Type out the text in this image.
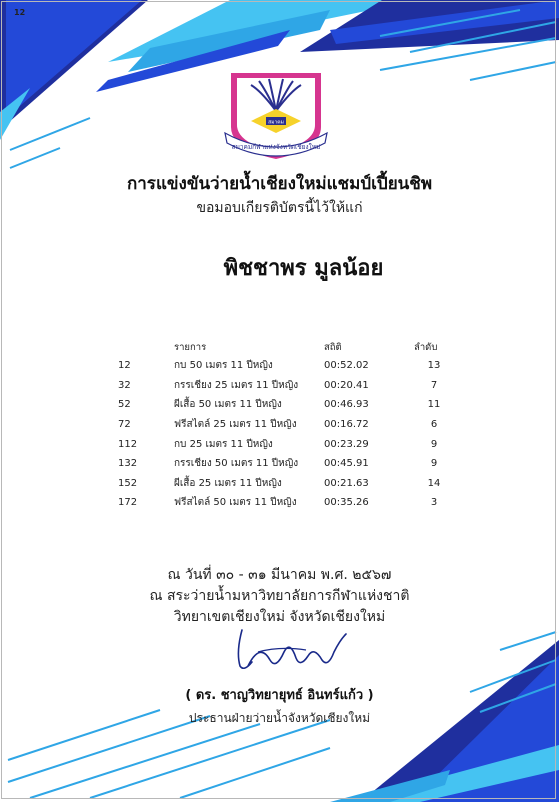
12
สมาคม
สมาคมกีฬาแห่งจังหวัดเชียงใหม่
การแข่งขันว่ายน้ำเชียงใหม่แชมป์เปี้ยนชิพ
ขอมอบเกียรติบัตรนี้ไว้ให้แก่
พิชชาพร มูลน้อย
	รายการ	สถิติ	ลำดับ
12	กบ 50 เมตร 11 ปีหญิง	00:52.02	13
32	กรรเชียง 25 เมตร 11 ปีหญิง	00:20.41	7
52	ผีเสื้อ 50 เมตร 11 ปีหญิง	00:46.93	11
72	ฟรีสไตล์ 25 เมตร 11 ปีหญิง	00:16.72	6
112	กบ 25 เมตร 11 ปีหญิง	00:23.29	9
132	กรรเชียง 50 เมตร 11 ปีหญิง	00:45.91	9
152	ผีเสื้อ 25 เมตร 11 ปีหญิง	00:21.63	14
172	ฟรีสไตล์ 50 เมตร 11 ปีหญิง	00:35.26	3
ณ วันที่ ๓๐ - ๓๑ มีนาคม พ.ศ. ๒๕๖๗
ณ สระว่ายน้ำมหาวิทยาลัยการกีฬาแห่งชาติ
วิทยาเขตเชียงใหม่ จังหวัดเชียงใหม่
( ดร. ชาญวิทยายุทธ์ อินทร์แก้ว )
ประธานฝ่ายว่ายน้ำจังหวัดเชียงใหม่
